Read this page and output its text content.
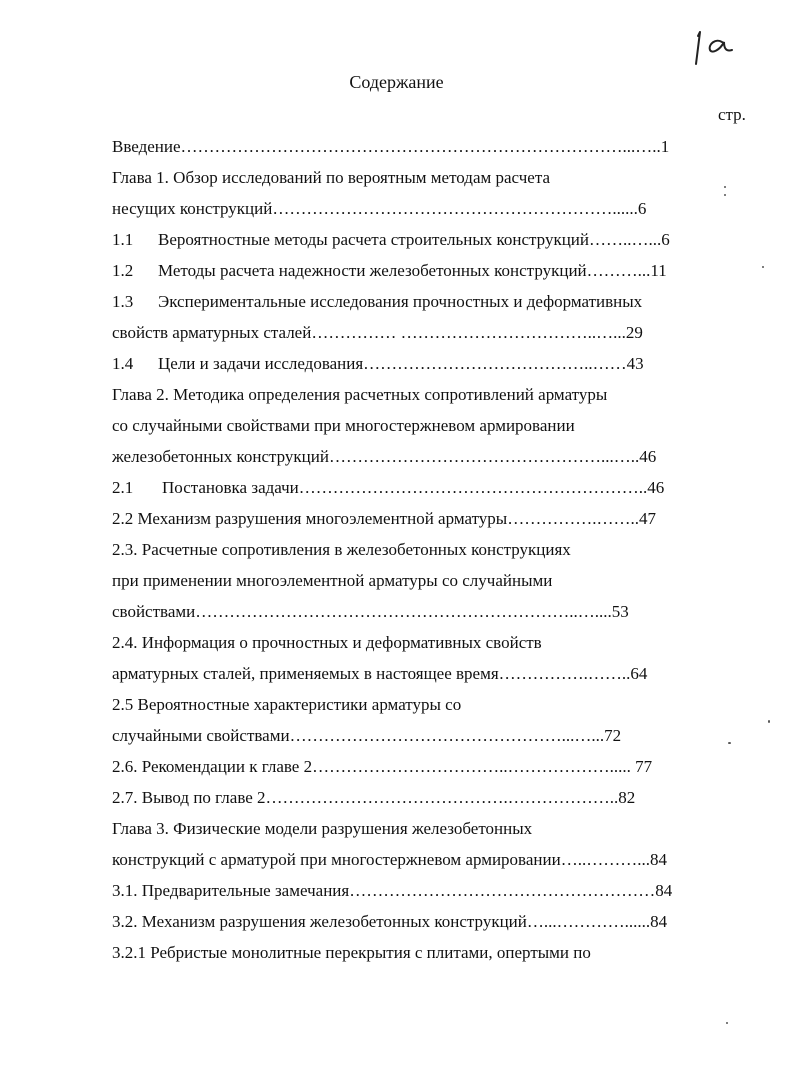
Содержание
стр.
Введение……………………………………………………………………...…..1
Глава 1. Обзор исследований по вероятным методам расчета
несущих конструкций……………………………………………………......6
1.1 Вероятностные методы расчета строительных конструкций……..…...6
1.2 Методы расчета надежности железобетонных конструкций………...11
1.3 Экспериментальные исследования прочностных и деформативных
свойств арматурных сталей…………… ……………………………..…...29
1.4 Цели и задачи исследования…………………………………..……43
Глава 2. Методика определения расчетных сопротивлений арматуры
со случайными свойствами при многостержневом армировании
железобетонных конструкций…………………………………………...…..46
2.1 Постановка задачи……………………………………………………..46
2.2 Механизм разрушения многоэлементной арматуры…………….……..47
2.3. Расчетные сопротивления в железобетонных конструкциях
при применении многоэлементной арматуры со случайными
свойствами…………………………………………………………..…....53
2.4. Информация о прочностных и деформативных свойств
арматурных сталей, применяемых в настоящее время…………….……..64
2.5 Вероятностные характеристики арматуры со
случайными свойствами…………………………………………...…...72
2.6. Рекомендации к главе 2……………………………..………………..... 77
2.7. Вывод по главе 2…………………………………….………………..82
Глава 3. Физические модели разрушения железобетонных
конструкций с арматурой при многостержневом армировании…..………...84
3.1. Предварительные замечания………………………………………………84
3.2. Механизм разрушения железобетонных конструкций…...…………......84
3.2.1 Ребристые монолитные перекрытия с плитами, опертыми по
